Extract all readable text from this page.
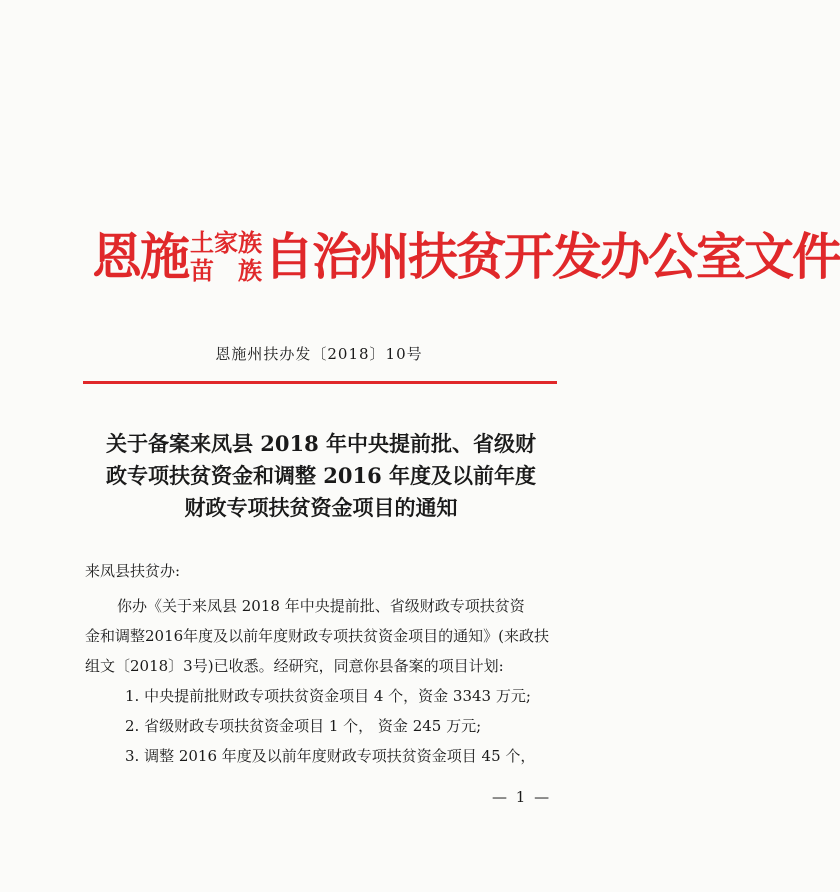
恩施 土家族
苗 族 自治州扶贫开发办公室文件
恩施州扶办发〔2018〕10号
关于备案来凤县 2018 年中央提前批、省级财
政专项扶贫资金和调整 2016 年度及以前年度
财政专项扶贫资金项目的通知
来凤县扶贫办:
你办《关于来凤县 2018 年中央提前批、省级财政专项扶贫资
金和调整2016年度及以前年度财政专项扶贫资金项目的通知》(来政扶
组文〔2018〕3号)已收悉。经研究，同意你县备案的项目计划:
1. 中央提前批财政专项扶贫资金项目 4 个，资金 3343 万元;
2. 省级财政专项扶贫资金项目 1 个， 资金 245 万元;
3. 调整 2016 年度及以前年度财政专项扶贫资金项目 45 个，
— 1 —
